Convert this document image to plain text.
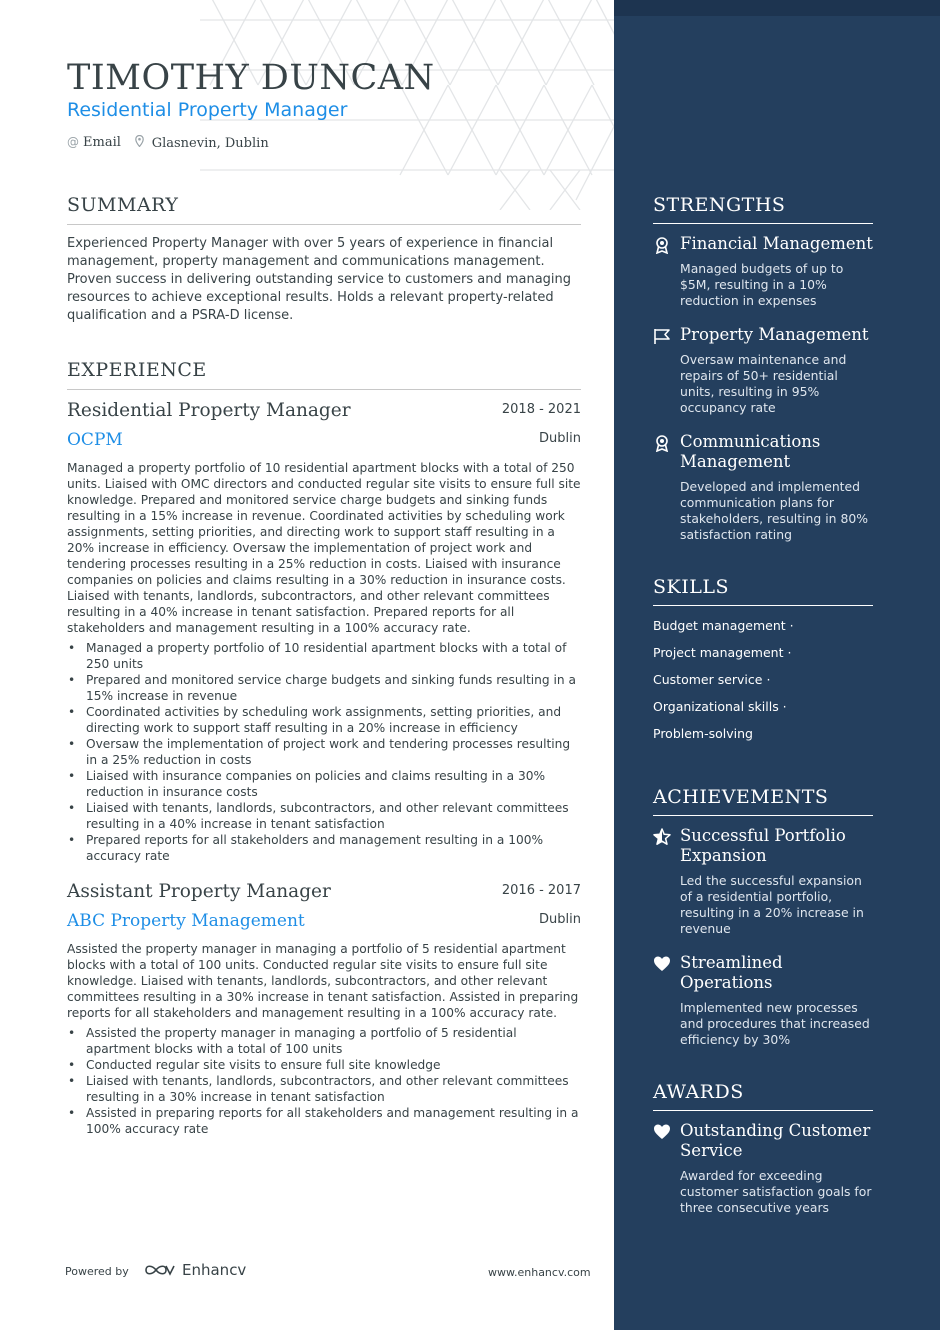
TIMOTHY DUNCAN
Residential Property Manager
@ Email	Glasnevin, Dublin
SUMMARY

Experienced Property Manager with over 5 years of experience in financial management, property management and communications management. Proven success in delivering outstanding service to customers and managing resources to achieve exceptional results. Holds a relevant property-related qualification and a PSRA-D license.

EXPERIENCE
Residential Property Manager	2018 - 2021
OCPM	Dublin

Managed a property portfolio of 10 residential apartment blocks with a total of 250 units. Liaised with OMC directors and conducted regular site visits to ensure full site knowledge. Prepared and monitored service charge budgets and sinking funds resulting in a 15% increase in revenue. Coordinated activities by scheduling work assignments, setting priorities, and directing work to support staff resulting in a 20% increase in efficiency. Oversaw the implementation of project work and tendering processes resulting in a 25% reduction in costs. Liaised with insurance companies on policies and claims resulting in a 30% reduction in insurance costs. Liaised with tenants, landlords, subcontractors, and other relevant committees resulting in a 40% increase in tenant satisfaction. Prepared reports for all stakeholders and management resulting in a 100% accuracy rate.

• Managed a property portfolio of 10 residential apartment blocks with a total of 250 units
• Prepared and monitored service charge budgets and sinking funds resulting in a 15% increase in revenue
• Coordinated activities by scheduling work assignments, setting priorities, and directing work to support staff resulting in a 20% increase in efficiency
• Oversaw the implementation of project work and tendering processes resulting in a 25% reduction in costs
• Liaised with insurance companies on policies and claims resulting in a 30% reduction in insurance costs
• Liaised with tenants, landlords, subcontractors, and other relevant committees resulting in a 40% increase in tenant satisfaction
• Prepared reports for all stakeholders and management resulting in a 100% accuracy rate
Assistant Property Manager	2016 - 2017
ABC Property Management	Dublin

Assisted the property manager in managing a portfolio of 5 residential apartment blocks with a total of 100 units. Conducted regular site visits to ensure full site knowledge. Liaised with tenants, landlords, subcontractors, and other relevant committees resulting in a 30% increase in tenant satisfaction. Assisted in preparing reports for all stakeholders and management resulting in a 100% accuracy rate.

• Assisted the property manager in managing a portfolio of 5 residential apartment blocks with a total of 100 units
• Conducted regular site visits to ensure full site knowledge
• Liaised with tenants, landlords, subcontractors, and other relevant committees resulting in a 30% increase in tenant satisfaction
• Assisted in preparing reports for all stakeholders and management resulting in a 100% accuracy rate
Powered by	Enhancv	www.enhancv.com
STRENGTHS
Financial Management
Managed budgets of up to $5M, resulting in a 10% reduction in expenses
Property Management
Oversaw maintenance and repairs of 50+ residential units, resulting in 95% occupancy rate
Communications Management
Developed and implemented communication plans for stakeholders, resulting in 80% satisfaction rating
SKILLS
Budget management ·
Project management ·
Customer service ·
Organizational skills ·
Problem-solving
ACHIEVEMENTS
Successful Portfolio Expansion
Led the successful expansion of a residential portfolio, resulting in a 20% increase in revenue
Streamlined Operations
Implemented new processes and procedures that increased efficiency by 30%
AWARDS
Outstanding Customer Service
Awarded for exceeding customer satisfaction goals for three consecutive years
